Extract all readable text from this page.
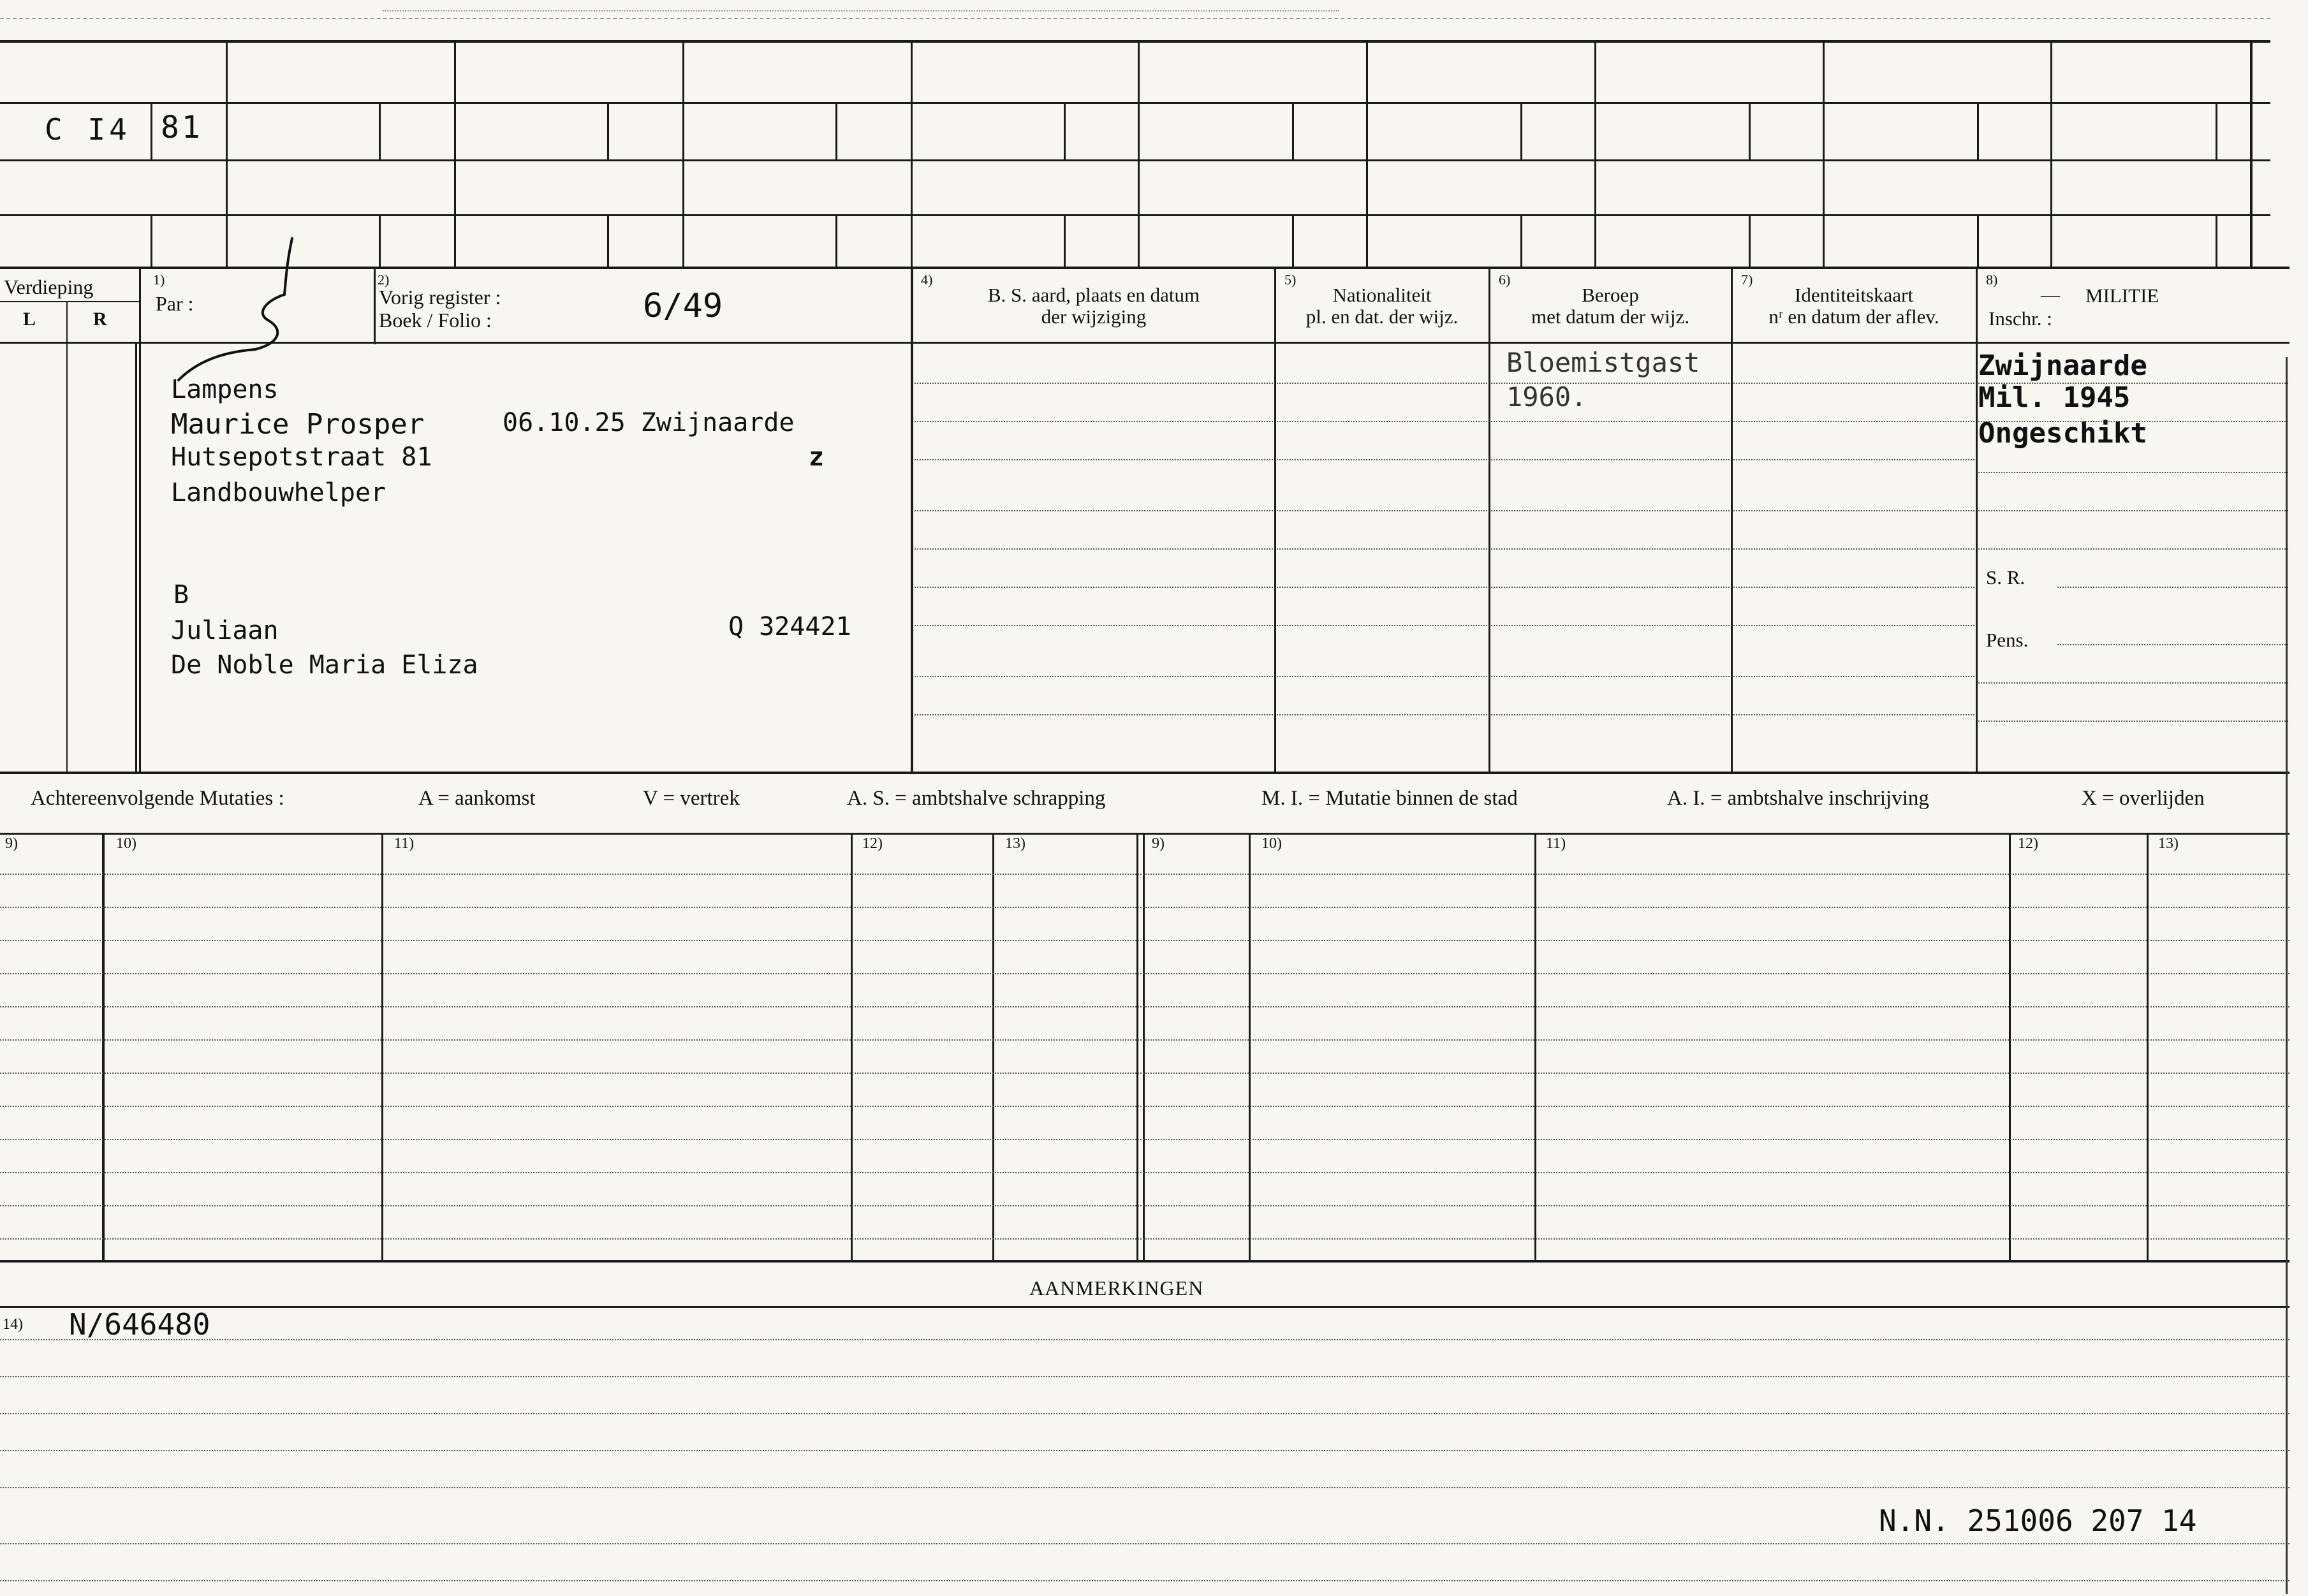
C I4 81
Verdieping
L	R
1)
Par :
2)
Vorig register :
Boek / Folio :	6/49
4)
B. S. aard, plaats en datum
der wijziging
5)
Nationaliteit
pl. en dat. der wijz.
6)
Beroep
met datum der wijz.
7)
Identiteitskaart
nʳ en datum der aflev.
8)
— MILITIE
Inschr. :
S. R.
Pens.
Lampens
Maurice Prosper
Hutsepotstraat 81
Landbouwhelper
06.10.25 Zwijnaarde
z
B
Juliaan
De Noble Maria Eliza
Q 324421
Bloemistgast
1960.
Zwijnaarde
Mil. 1945
Ongeschikt
Achtereenvolgende Mutaties :	A = aankomst	V = vertrek	A. S. = ambtshalve schrapping	M. I. = Mutatie binnen de stad	A. I. = ambtshalve inschrijving	X = overlijden
9)	10)	11)	12)	13)	9)	10)	11)	12)	13)
AANMERKINGEN
14) N/646480
N.N. 251006 207 14
